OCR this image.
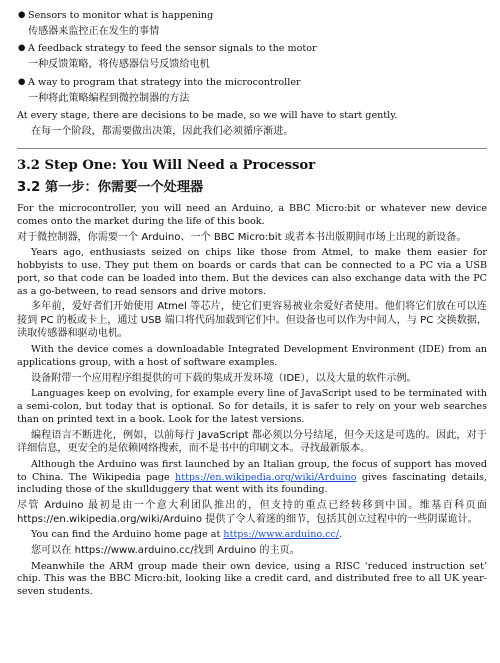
● Sensors to monitor what is happening
传感器来监控正在发生的事情
● A feedback strategy to feed the sensor signals to the motor
一种反馈策略，将传感器信号反馈给电机
● A way to program that strategy into the microcontroller
一种将此策略编程到微控制器的方法

At every stage, there are decisions to be made, so we will have to start gently.

在每一个阶段，都需要做出决策，因此我们必须循序渐进。

3.2 Step One: You Will Need a Processor
3.2 第一步：你需要一个处理器

For the microcontroller, you will need an Arduino, a BBC Micro:bit or whatever new device comes onto the market during the life of this book.

对于微控制器，你需要一个 Arduino、一个 BBC Micro:bit 或者本书出版期间市场上出现的新设备。

Years ago, enthusiasts seized on chips like those from Atmel, to make them easier for hobbyists to use. They put them on boards or cards that can be connected to a PC via a USB port, so that code can be loaded into them. But the devices can also exchange data with the PC as a go-between, to read sensors and drive motors.

多年前，爱好者们开始使用 Atmel 等芯片，使它们更容易被业余爱好者使用。他们将它们放在可以连接到 PC 的板或卡上，通过 USB 端口将代码加载到它们中。但设备也可以作为中间人，与 PC 交换数据，读取传感器和驱动电机。

With the device comes a downloadable Integrated Development Environment (IDE) from an applications group, with a host of software examples.

设备附带一个应用程序组提供的可下载的集成开发环境（IDE），以及大量的软件示例。

Languages keep on evolving, for example every line of JavaScript used to be terminated with a semi-colon, but today that is optional. So for details, it is safer to rely on your web searches than on printed text in a book. Look for the latest versions.

编程语言不断进化，例如，以前每行 JavaScript 都必须以分号结尾，但今天这是可选的。因此，对于详细信息，更安全的是依赖网络搜索，而不是书中的印刷文本。寻找最新版本。

Although the Arduino was first launched by an Italian group, the focus of support has moved to China. The Wikipedia page https://en.wikipedia.org/wiki/Arduino gives fascinating details, including those of the skullduggery that went with its founding.

尽管 Arduino 最初是由一个意大利团队推出的，但支持的重点已经转移到中国。维基百科页面 https://en.wikipedia.org/wiki/Arduino 提供了令人着迷的细节，包括其创立过程中的一些阴谋诡计。

You can find the Arduino home page at https://www.arduino.cc/.

您可以在 https://www.arduino.cc/找到 Arduino 的主页。

Meanwhile the ARM group made their own device, using a RISC ‘reduced instruction set’ chip. This was the BBC Micro:bit, looking like a credit card, and distributed free to all UK year-seven students.
